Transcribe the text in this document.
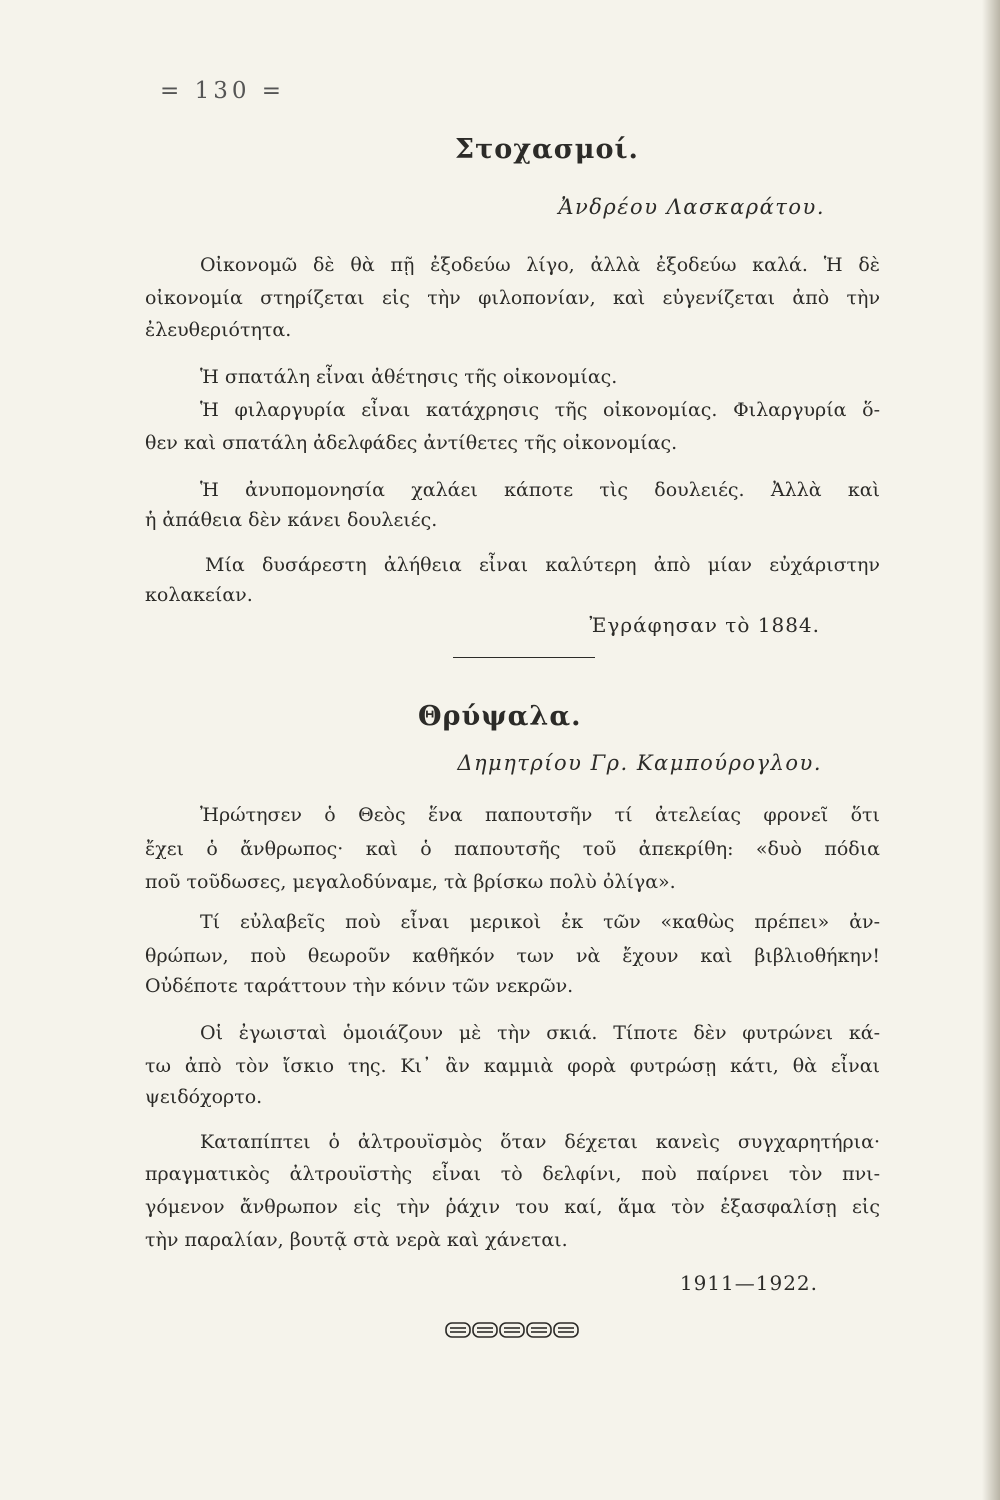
= 130 =
Στοχασμοί.
Ἀνδρέου Λασκαράτου.
Οἰκονομῶ δὲ θὰ πῇ ἐξοδεύω λίγο, ἀλλὰ ἐξοδεύω καλά. Ἡ δὲ
οἰκονομία στηρίζεται εἰς τὴν φιλοπονίαν, καὶ εὐγενίζεται ἀπὸ τὴν
ἐλευθεριότητα.
Ἡ σπατάλη εἶναι ἀθέτησις τῆς οἰκονομίας.
Ἡ φιλαργυρία εἶναι κατάχρησις τῆς οἰκονομίας. Φιλαργυρία ὅ-
θεν καὶ σπατάλη ἀδελφάδες ἀντίθετες τῆς οἰκονομίας.
Ἡ ἀνυπομονησία χαλάει κάποτε τὶς δουλειές. Ἀλλὰ καὶ
ἡ ἀπάθεια δὲν κάνει δουλειές.
Μία δυσάρεστη ἀλήθεια εἶναι καλύτερη ἀπὸ μίαν εὐχάριστην
κολακείαν.
Ἐγράφησαν τὸ 1884.
Θρύψαλα.
Δημητρίου Γρ. Καμπούρογλου.
Ἠρώτησεν ὁ Θεὸς ἕνα παπουτσῆν τί ἀτελείας φρονεῖ ὅτι
ἔχει ὁ ἄνθρωπος· καὶ ὁ παπουτσῆς τοῦ ἀπεκρίθη: «δυὸ πόδια
ποῦ τοῦδωσες, μεγαλοδύναμε, τὰ βρίσκω πολὺ ὀλίγα».
Τί εὐλαβεῖς ποὺ εἶναι μερικοὶ ἐκ τῶν «καθὼς πρέπει» ἀν-
θρώπων, ποὺ θεωροῦν καθῆκόν των νὰ ἔχουν καὶ βιβλιοθήκην!
Οὐδέποτε ταράττουν τὴν κόνιν τῶν νεκρῶν.
Οἱ ἐγωισταὶ ὁμοιάζουν μὲ τὴν σκιά. Τίποτε δὲν φυτρώνει κά-
τω ἀπὸ τὸν ἴσκιο της. Κι᾽ ἂν καμμιὰ φορὰ φυτρώσῃ κάτι, θὰ εἶναι
ψειδόχορτο.
Καταπίπτει ὁ ἀλτρουϊσμὸς ὅταν δέχεται κανεὶς συγχαρητήρια·
πραγματικὸς ἀλτρουϊστὴς εἶναι τὸ δελφίνι, ποὺ παίρνει τὸν πνι-
γόμενον ἄνθρωπον εἰς τὴν ῥάχιν του καί, ἅμα τὸν ἐξασφαλίσῃ εἰς
τὴν παραλίαν, βουτᾷ στὰ νερὰ καὶ χάνεται.
1911—1922.
